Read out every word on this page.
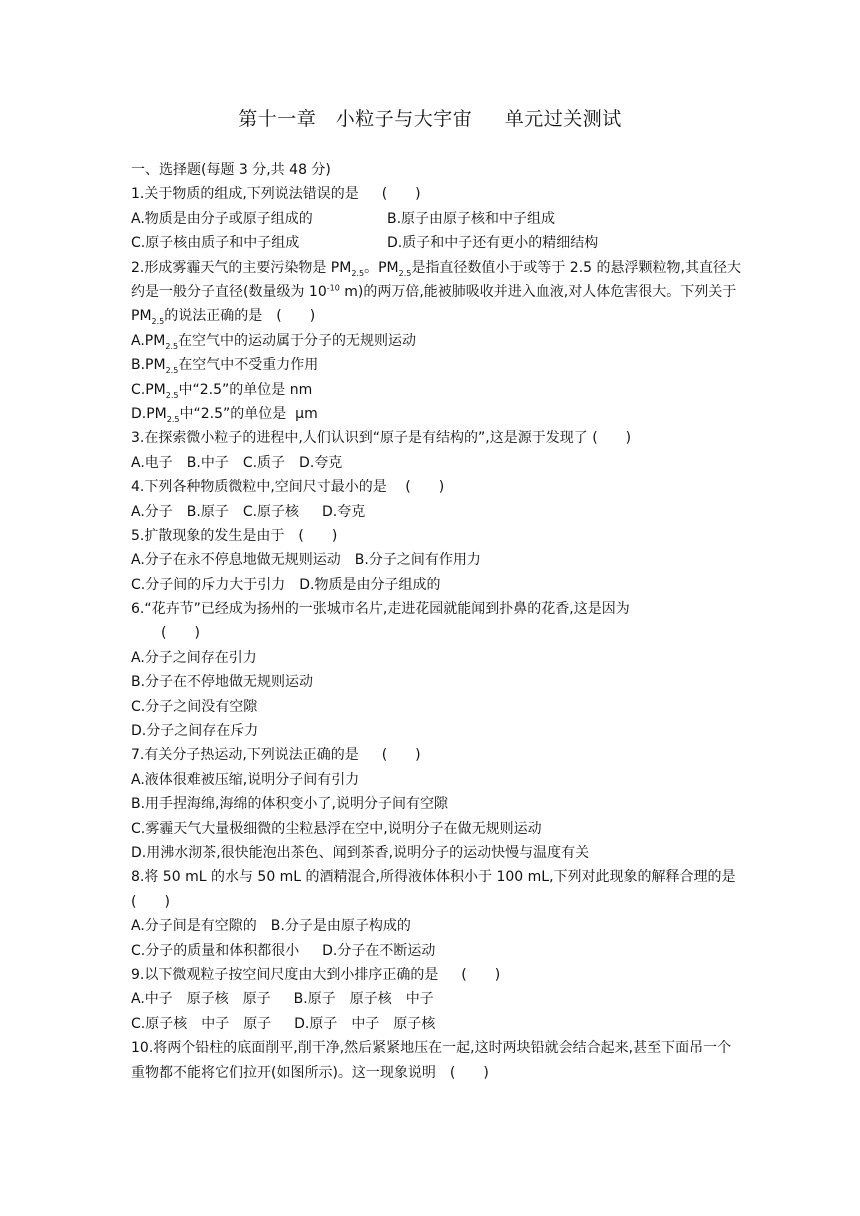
第十一章　小粒子与大宇宙　  单元过关测试
一、选择题(每题 3 分,共 48 分)
1.关于物质的组成,下列说法错误的是　  (　　)
A.物质是由分子或原子组成的	B.原子由原子核和中子组成
C.原子核由质子和中子组成	D.质子和中子还有更小的精细结构
2.形成雾霾天气的主要污染物是 $PM_{2.5}$。$PM_{2.5}$是指直径数值小于或等于 2.5 的悬浮颗粒物,其直径大约是一般分子直径(数量级为 $10^{-10}$ m)的两万倍,能被肺吸收并进入血液,对人体危害很大。下列关于 $PM_{2.5}$的说法正确的是　(　　)
$A.PM_{2.5}$在空气中的运动属于分子的无规则运动
$B.PM_{2.5}$在空气中不受重力作用
$C.PM_{2.5}$中“2.5”的单位是 nm
$D.PM_{2.5}$中“2.5”的单位是  μm
3.在探索微小粒子的进程中,人们认识到“原子是有结构的”,这是源于发现了 (　　)
A.电子　B.中子　C.质子　D.夸克
4.下列各种物质微粒中,空间尺寸最小的是　 (　　)
A.分子　B.原子　C.原子核　  D.夸克
5.扩散现象的发生是由于　(　　)
A.分子在永不停息地做无规则运动　B.分子之间有作用力
C.分子间的斥力大于引力　D.物质是由分子组成的
6.“花卉节”已经成为扬州的一张城市名片,走进花园就能闻到扑鼻的花香,这是因为
(　　)
A.分子之间存在引力
B.分子在不停地做无规则运动
C.分子之间没有空隙
D.分子之间存在斥力
7.有关分子热运动,下列说法正确的是　  (　　)
A.液体很难被压缩,说明分子间有引力
B.用手捏海绵,海绵的体积变小了,说明分子间有空隙
C.雾霾天气大量极细微的尘粒悬浮在空中,说明分子在做无规则运动
D.用沸水沏茶,很快能泡出茶色、闻到茶香,说明分子的运动快慢与温度有关
8.将 50 mL 的水与 50 mL 的酒精混合,所得液体体积小于 100 mL,下列对此现象的解释合理的是(　　)
A.分子间是有空隙的　B.分子是由原子构成的
C.分子的质量和体积都很小　  D.分子在不断运动
9.以下微观粒子按空间尺度由大到小排序正确的是　  (　　)
A.中子　原子核　原子　  B.原子　原子核　中子
C.原子核　中子　原子　  D.原子　中子　原子核
10.将两个铅柱的底面削平,削干净,然后紧紧地压在一起,这时两块铅就会结合起来,甚至下面吊一个重物都不能将它们拉开(如图所示)。这一现象说明　(　　)
